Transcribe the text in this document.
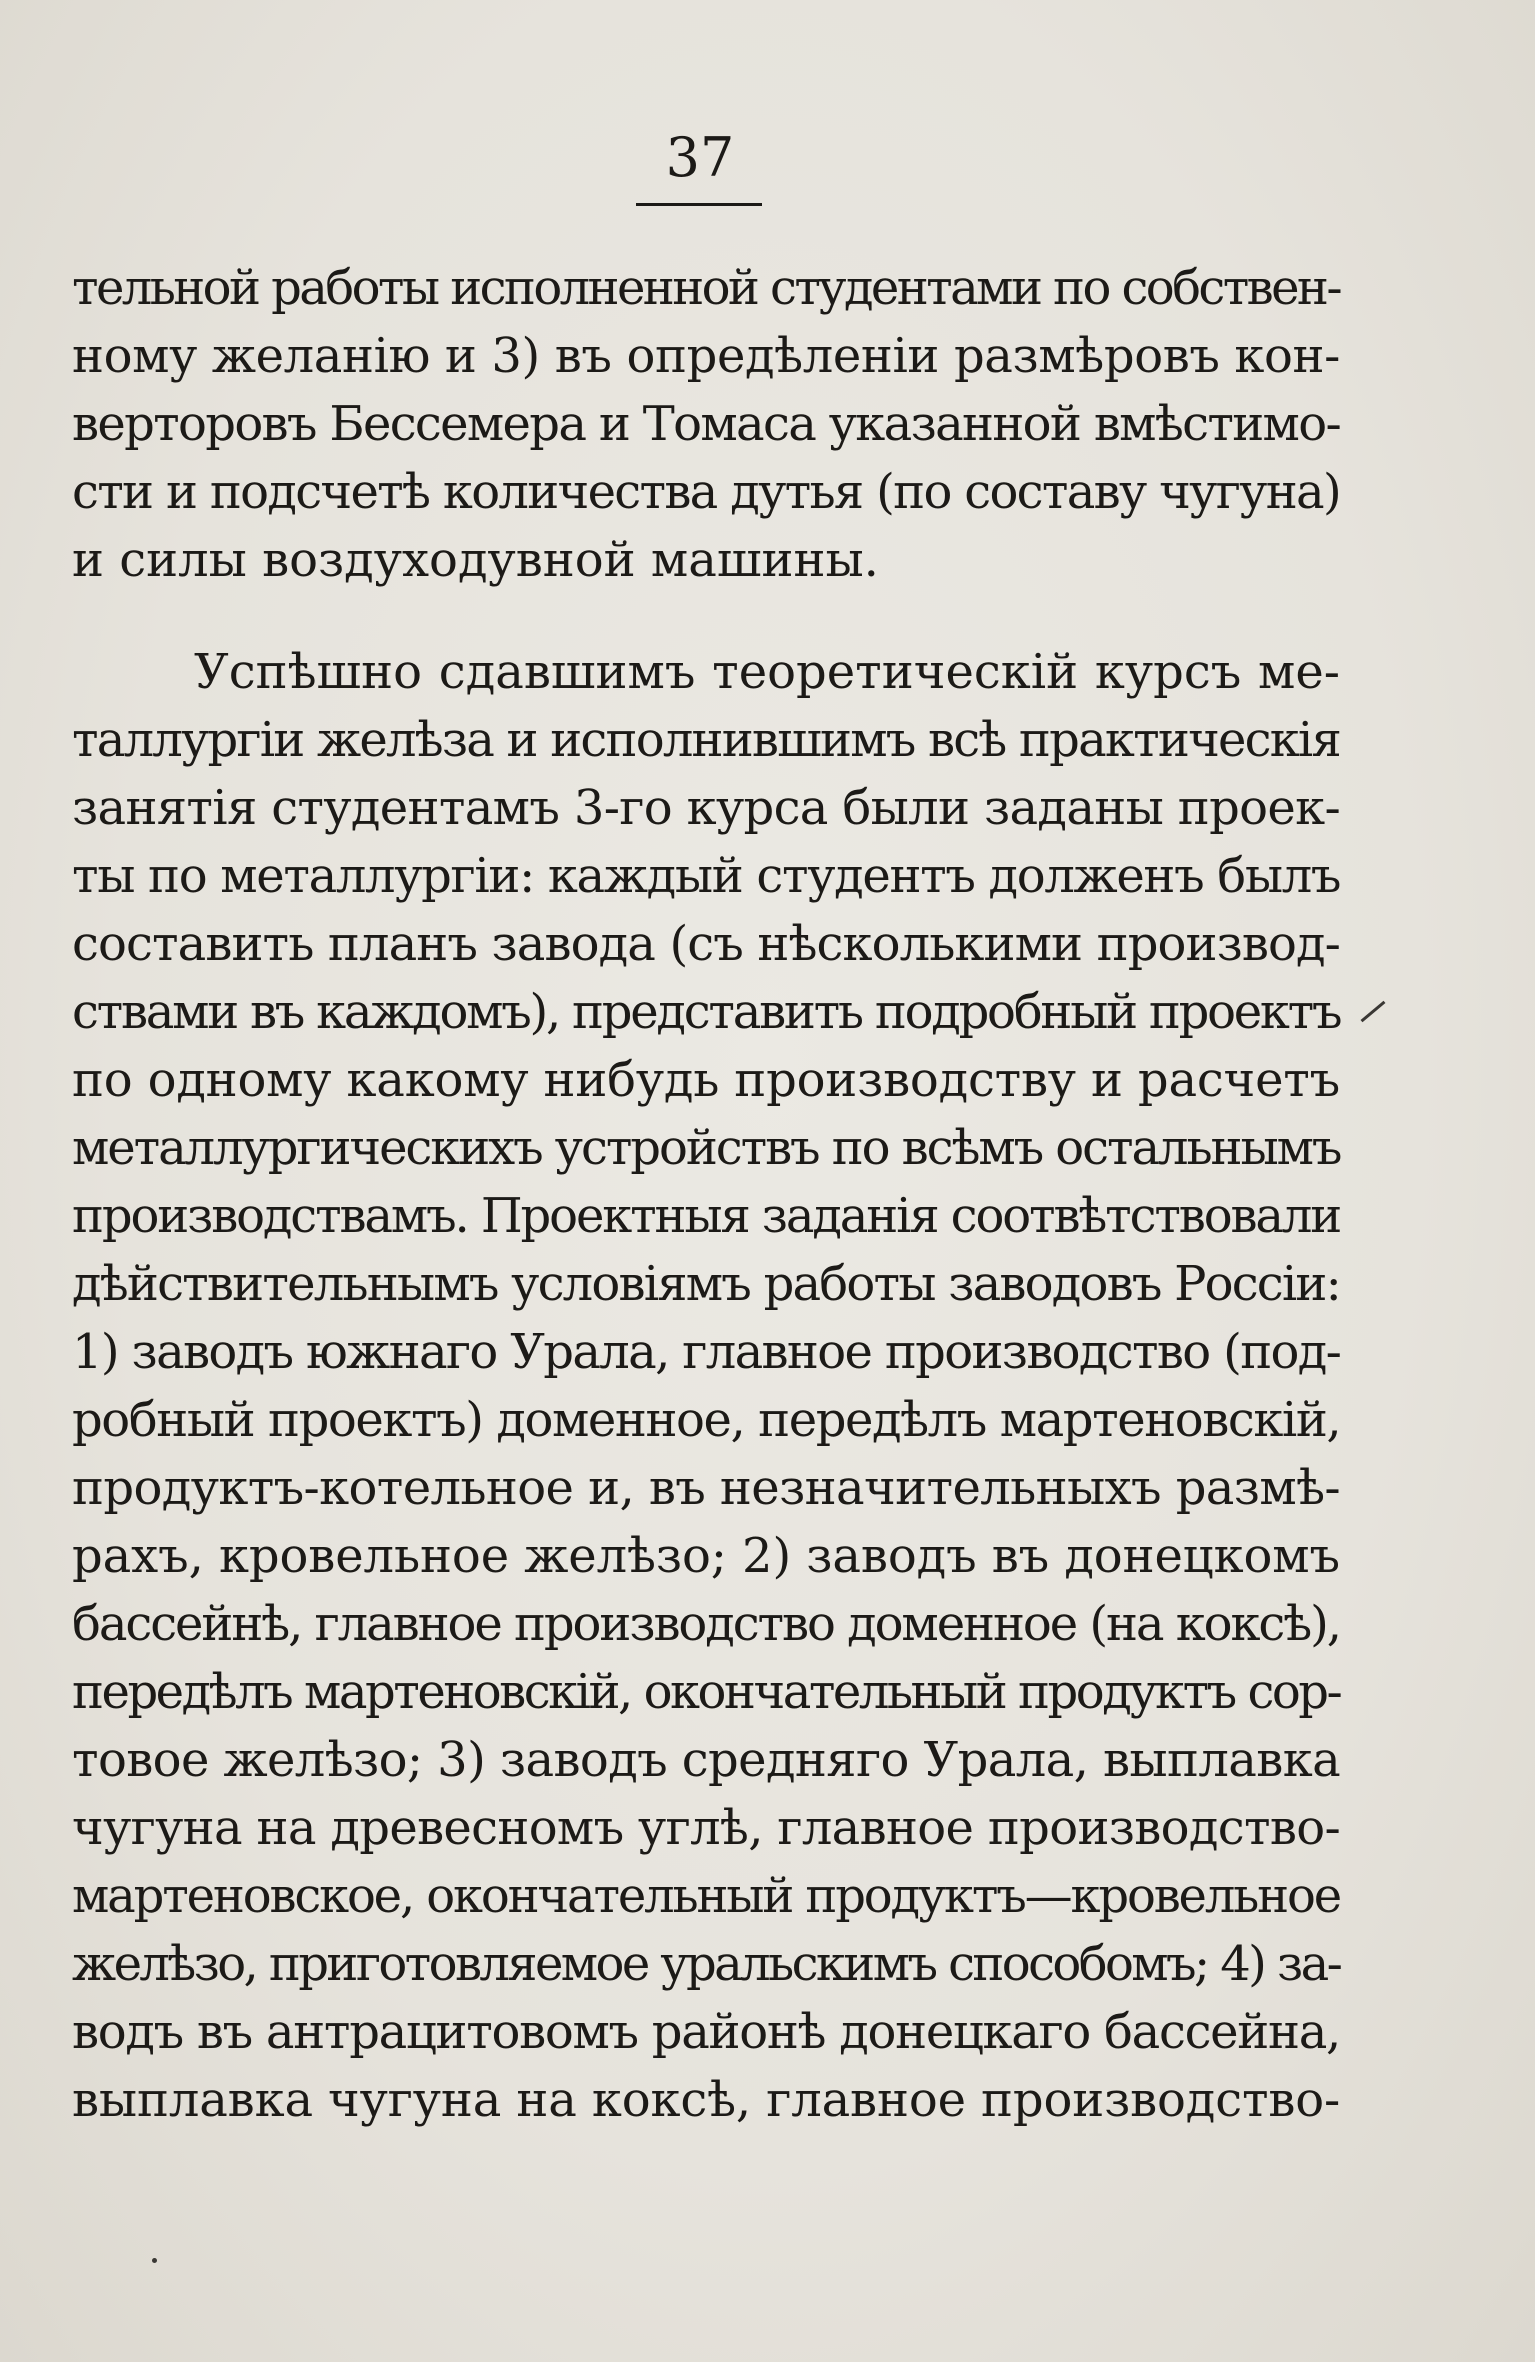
37
тельной работы исполненной студентами по собствен-
ному желанію и 3) въ опредѣленіи размѣровъ кон-
верторовъ Бессемера и Томаса указанной вмѣстимо-
сти и подсчетѣ количества дутья (по составу чугуна)
и силы воздуходувной машины.
Успѣшно сдавшимъ теоретическій курсъ ме-
таллургіи желѣза и исполнившимъ всѣ практическія
занятія студентамъ 3-го курса были заданы проек-
ты по металлургіи: каждый студентъ долженъ былъ
составить планъ завода (съ нѣсколькими производ-
ствами въ каждомъ), представить подробный проектъ
по одному какому нибудь производству и расчетъ
металлургическихъ устройствъ по всѣмъ остальнымъ
производствамъ. Проектныя заданія соотвѣтствовали
дѣйствительнымъ условіямъ работы заводовъ Россіи:
1) заводъ южнаго Урала, главное производство (под-
робный проектъ) доменное, передѣлъ мартеновскій,
продуктъ-котельное и, въ незначительныхъ размѣ-
рахъ, кровельное желѣзо; 2) заводъ въ донецкомъ
бассейнѣ, главное производство доменное (на коксѣ),
передѣлъ мартеновскій, окончательный продуктъ сор-
товое желѣзо; 3) заводъ средняго Урала, выплавка
чугуна на древесномъ углѣ, главное производство-
мартеновское, окончательный продуктъ—кровельное
желѣзо, приготовляемое уральскимъ способомъ; 4) за-
водъ въ антрацитовомъ районѣ донецкаго бассейна,
выплавка чугуна на коксѣ, главное производство-
